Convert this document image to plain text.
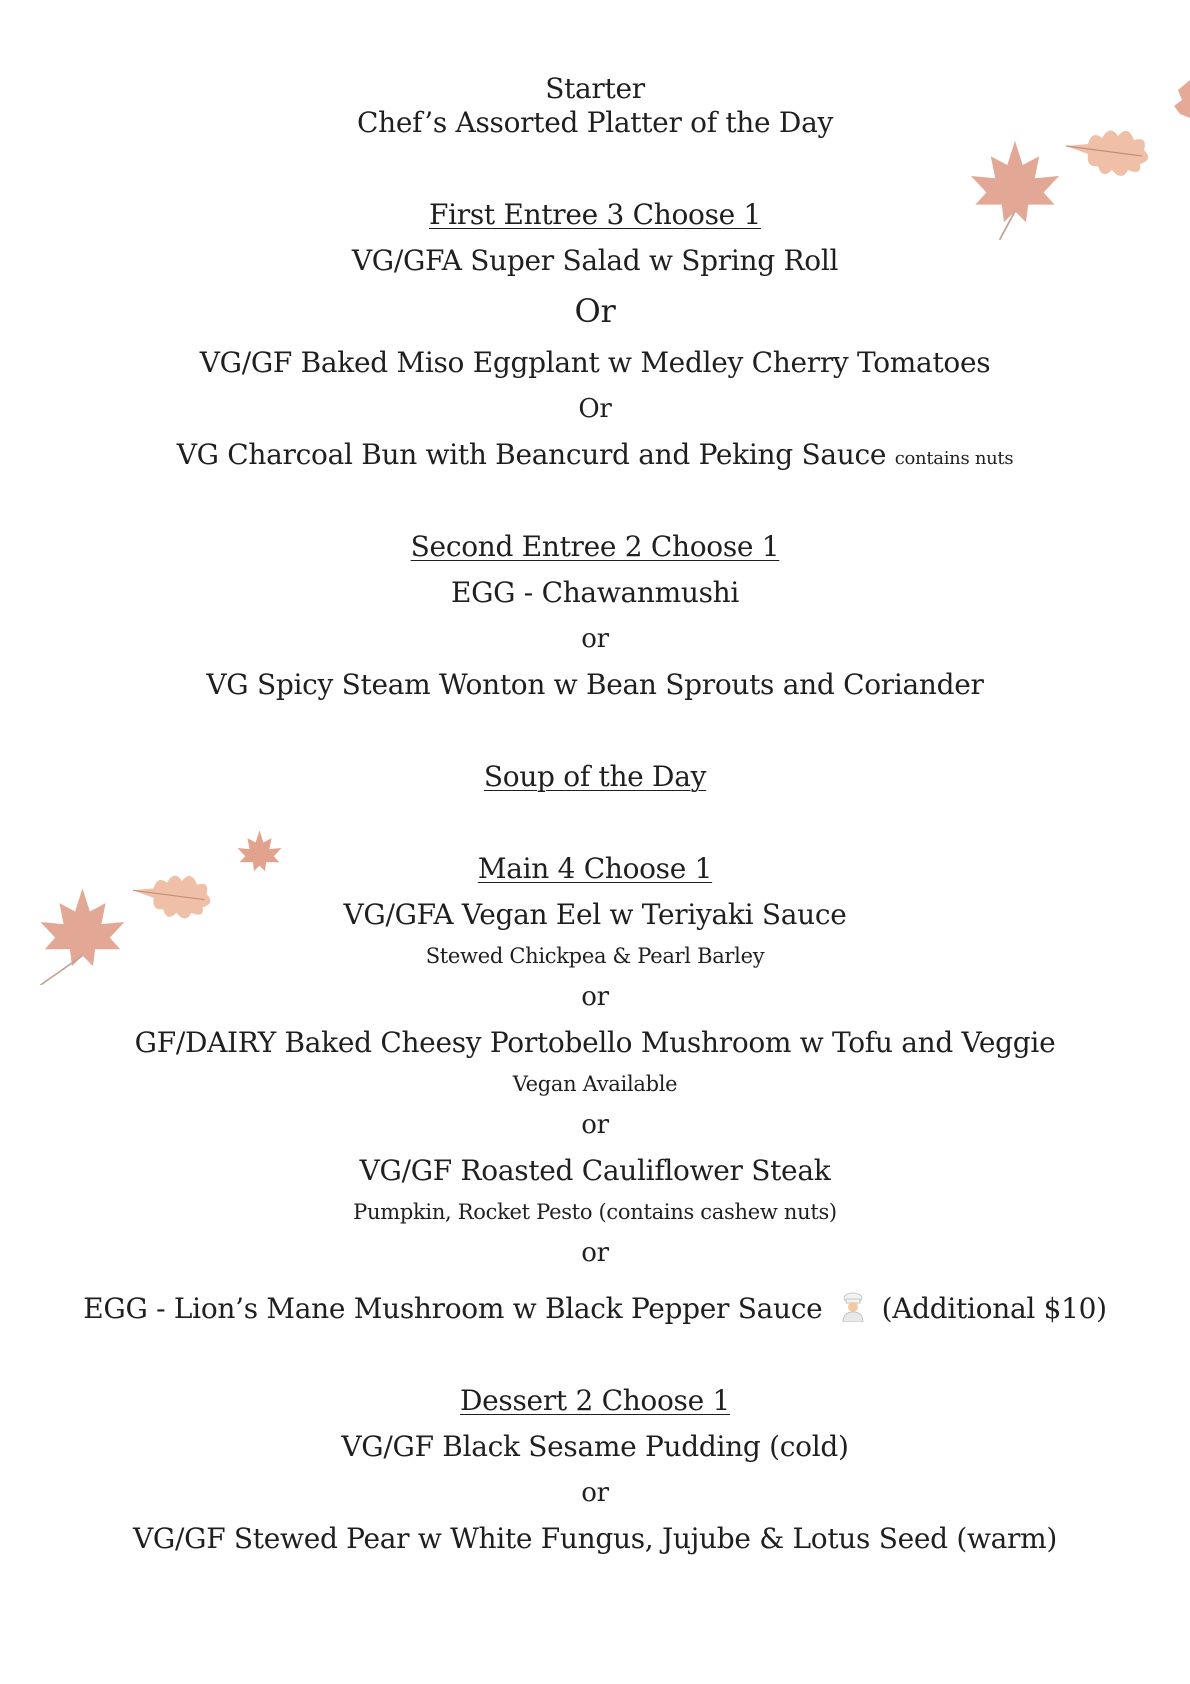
Starter
Chef’s Assorted Platter of the Day
First Entree 3 Choose 1
VG/GFA Super Salad w Spring Roll
Or
VG/GF Baked Miso Eggplant w Medley Cherry Tomatoes
Or
VG Charcoal Bun with Beancurd and Peking Sauce contains nuts
Second Entree 2 Choose 1
EGG - Chawanmushi
or
VG Spicy Steam Wonton w Bean Sprouts and Coriander
Soup of the Day
Main 4 Choose 1
VG/GFA Vegan Eel w Teriyaki Sauce
Stewed Chickpea & Pearl Barley
or
GF/DAIRY Baked Cheesy Portobello Mushroom w Tofu and Veggie
Vegan Available
or
VG/GF Roasted Cauliflower Steak
Pumpkin, Rocket Pesto (contains cashew nuts)
or
EGG - Lion’s Mane Mushroom w Black Pepper Sauce (Additional $10)
Dessert 2 Choose 1
VG/GF Black Sesame Pudding (cold)
or
VG/GF Stewed Pear w White Fungus, Jujube & Lotus Seed (warm)
